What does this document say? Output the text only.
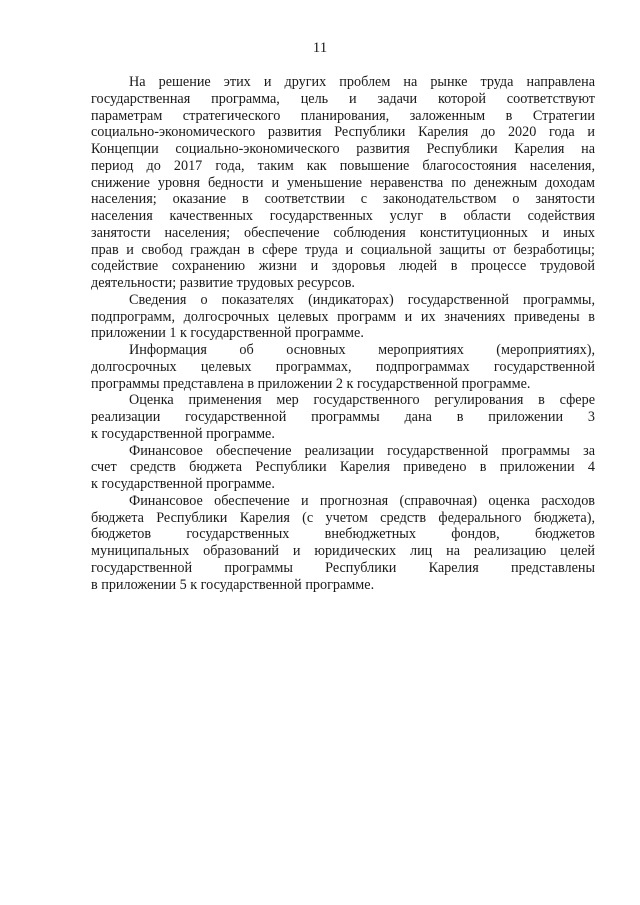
11
На решение этих и других проблем на рынке труда направлена
государственная программа, цель и задачи которой соответствуют
параметрам стратегического планирования, заложенным в Стратегии
социально-экономического развития Республики Карелия до 2020 года и
Концепции социально-экономического развития Республики Карелия на
период до 2017 года, таким как повышение благосостояния населения,
снижение уровня бедности и уменьшение неравенства по денежным доходам
населения; оказание в соответствии с законодательством о занятости
населения качественных государственных услуг в области содействия
занятости населения; обеспечение соблюдения конституционных и иных
прав и свобод граждан в сфере труда и социальной защиты от безработицы;
содействие сохранению жизни и здоровья людей в процессе трудовой
деятельности; развитие трудовых ресурсов.
Сведения о показателях (индикаторах) государственной программы,
подпрограмм, долгосрочных целевых программ и их значениях приведены в
приложении 1 к государственной программе.
Информация об основных мероприятиях (мероприятиях),
долгосрочных целевых программах, подпрограммах государственной
программы представлена в приложении 2 к государственной программе.
Оценка применения мер государственного регулирования в сфере
реализации государственной программы дана в приложении 3
к государственной программе.
Финансовое обеспечение реализации государственной программы за
счет средств бюджета Республики Карелия приведено в приложении 4
к государственной программе.
Финансовое обеспечение и прогнозная (справочная) оценка расходов
бюджета Республики Карелия (с учетом средств федерального бюджета),
бюджетов государственных внебюджетных фондов, бюджетов
муниципальных образований и юридических лиц на реализацию целей
государственной программы Республики Карелия представлены
в приложении 5 к государственной программе.
